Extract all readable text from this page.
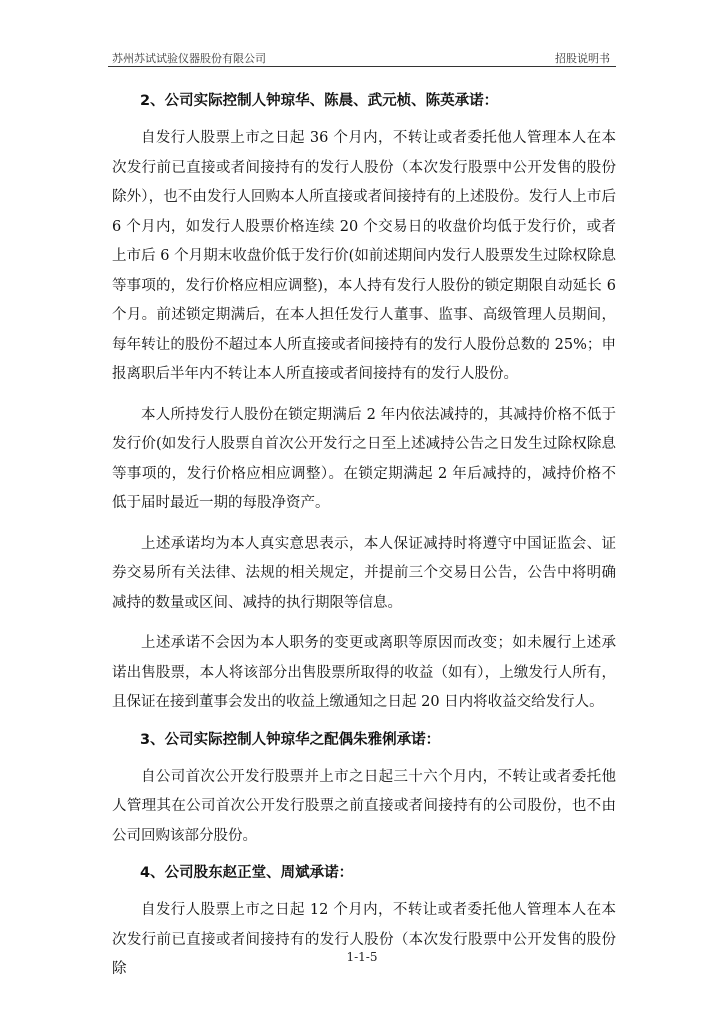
苏州苏试试验仪器股份有限公司	招股说明书

2、公司实际控制人钟琼华、陈晨、武元桢、陈英承诺：

自发行人股票上市之日起 36 个月内，不转让或者委托他人管理本人在本次发行前已直接或者间接持有的发行人股份（本次发行股票中公开发售的股份除外），也不由发行人回购本人所直接或者间接持有的上述股份。发行人上市后 6 个月内，如发行人股票价格连续 20 个交易日的收盘价均低于发行价，或者上市后 6 个月期末收盘价低于发行价(如前述期间内发行人股票发生过除权除息等事项的，发行价格应相应调整)，本人持有发行人股份的锁定期限自动延长 6 个月。前述锁定期满后，在本人担任发行人董事、监事、高级管理人员期间，每年转让的股份不超过本人所直接或者间接持有的发行人股份总数的 25%；申报离职后半年内不转让本人所直接或者间接持有的发行人股份。

本人所持发行人股份在锁定期满后 2 年内依法减持的，其减持价格不低于发行价(如发行人股票自首次公开发行之日至上述减持公告之日发生过除权除息等事项的，发行价格应相应调整）。在锁定期满起 2 年后减持的，减持价格不低于届时最近一期的每股净资产。

上述承诺均为本人真实意思表示，本人保证减持时将遵守中国证监会、证券交易所有关法律、法规的相关规定，并提前三个交易日公告，公告中将明确减持的数量或区间、减持的执行期限等信息。

上述承诺不会因为本人职务的变更或离职等原因而改变；如未履行上述承诺出售股票，本人将该部分出售股票所取得的收益（如有），上缴发行人所有，且保证在接到董事会发出的收益上缴通知之日起 20 日内将收益交给发行人。

3、公司实际控制人钟琼华之配偶朱雅俐承诺：

自公司首次公开发行股票并上市之日起三十六个月内，不转让或者委托他人管理其在公司首次公开发行股票之前直接或者间接持有的公司股份，也不由公司回购该部分股份。

4、公司股东赵正堂、周斌承诺：

自发行人股票上市之日起 12 个月内，不转让或者委托他人管理本人在本次发行前已直接或者间接持有的发行人股份（本次发行股票中公开发售的股份除

1-1-5
